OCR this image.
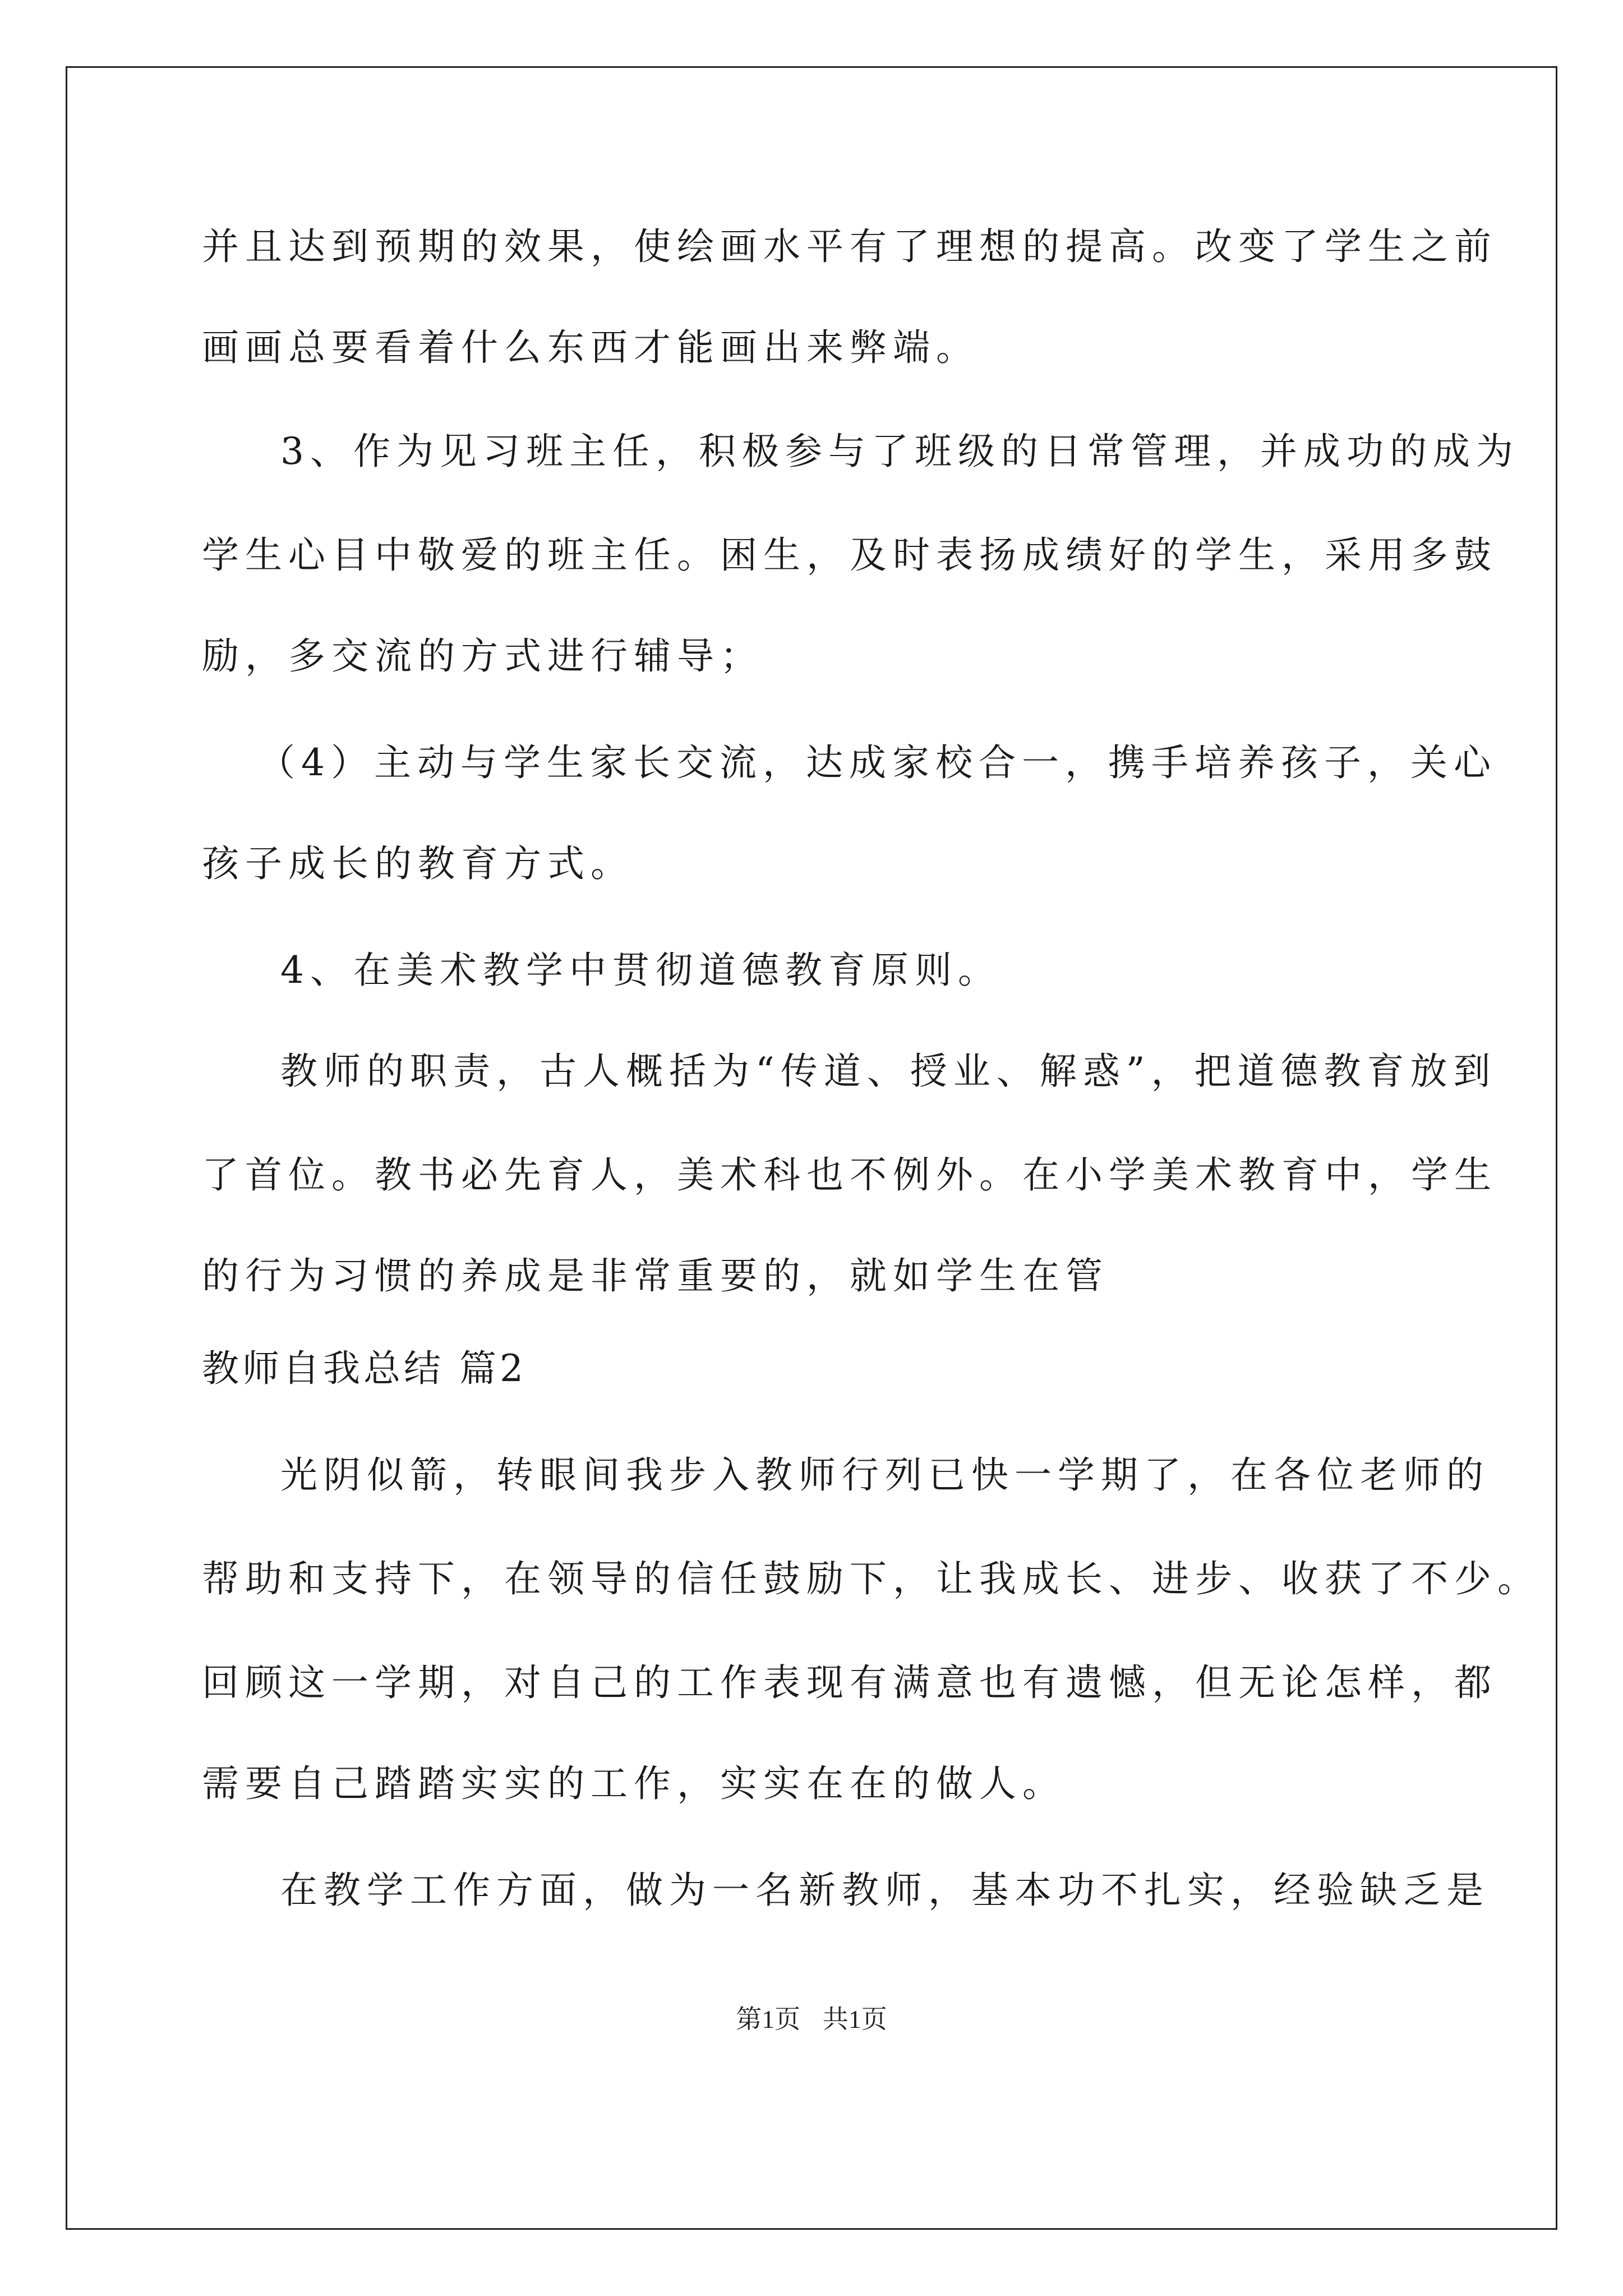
并且达到预期的效果，使绘画水平有了理想的提高。改变了学生之前
画画总要看着什么东西才能画出来弊端。
3、作为见习班主任，积极参与了班级的日常管理，并成功的成为
学生心目中敬爱的班主任。困生，及时表扬成绩好的学生，采用多鼓
励，多交流的方式进行辅导；
（4）主动与学生家长交流，达成家校合一，携手培养孩子，关心
孩子成长的教育方式。
4、在美术教学中贯彻道德教育原则。
教师的职责，古人概括为“传道、授业、解惑”，把道德教育放到
了首位。教书必先育人，美术科也不例外。在小学美术教育中，学生
的行为习惯的养成是非常重要的，就如学生在管
教师自我总结 篇2
光阴似箭，转眼间我步入教师行列已快一学期了，在各位老师的
帮助和支持下，在领导的信任鼓励下，让我成长、进步、收获了不少。
回顾这一学期，对自己的工作表现有满意也有遗憾，但无论怎样，都
需要自己踏踏实实的工作，实实在在的做人。
在教学工作方面，做为一名新教师，基本功不扎实，经验缺乏是
第1页 共1页
